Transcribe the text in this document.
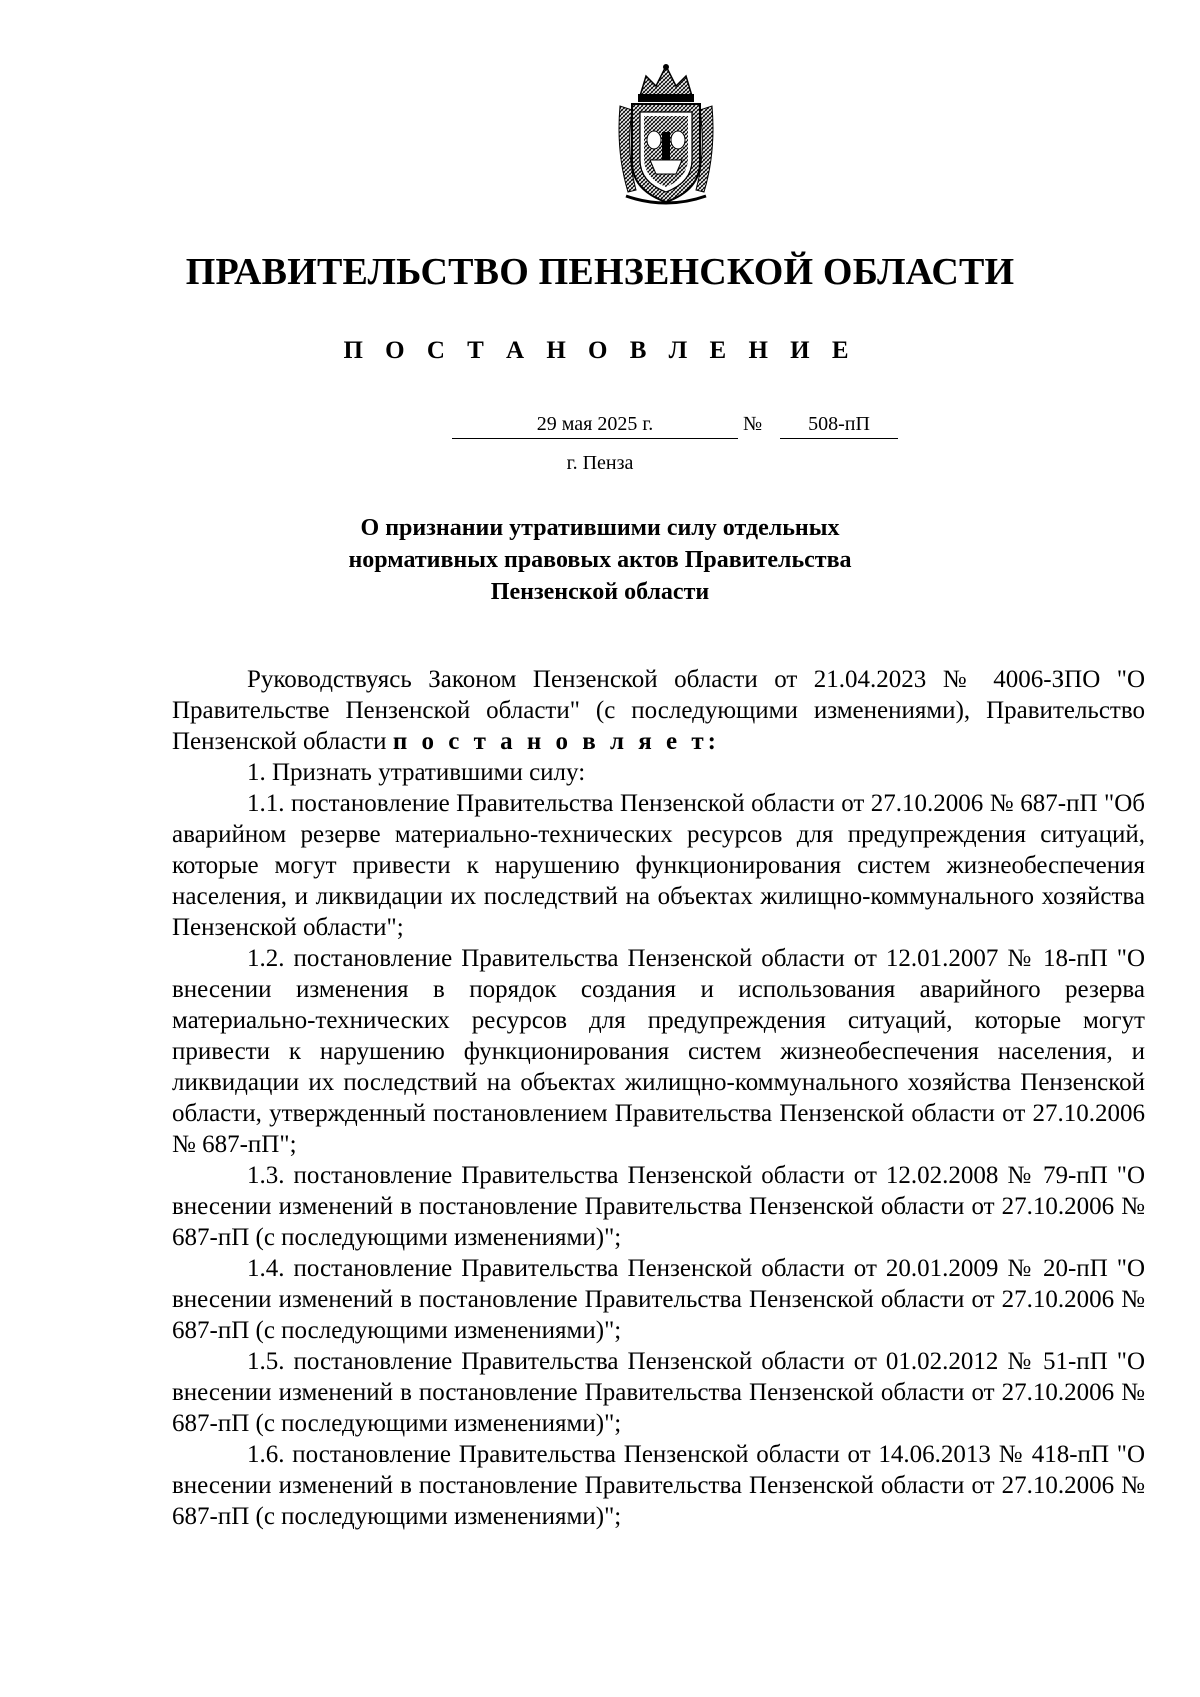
ПРАВИТЕЛЬСТВО ПЕНЗЕНСКОЙ ОБЛАСТИ
П О С Т А Н О В Л Е Н И Е
29 мая 2025 г.	№	508-пП
г. Пенза
О признании утратившими силу отдельных нормативных правовых актов Правительства Пензенской области

Руководствуясь Законом Пензенской области от 21.04.2023 № 4006-ЗПО "О Правительстве Пензенской области" (с последующими изменениями), Правительство Пензенской области п о с т а н о в л я е т:

1. Признать утратившими силу:

1.1. постановление Правительства Пензенской области от 27.10.2006 № 687-пП "Об аварийном резерве материально-технических ресурсов для предупреждения ситуаций, которые могут привести к нарушению функционирования систем жизнеобеспечения населения, и ликвидации их последствий на объектах жилищно-коммунального хозяйства Пензенской области";

1.2. постановление Правительства Пензенской области от 12.01.2007 № 18-пП "О внесении изменения в порядок создания и использования аварийного резерва материально-технических ресурсов для предупреждения ситуаций, которые могут привести к нарушению функционирования систем жизнеобеспечения населения, и ликвидации их последствий на объектах жилищно-коммунального хозяйства Пензенской области, утвержденный постановлением Правительства Пензенской области от 27.10.2006 № 687-пП";

1.3. постановление Правительства Пензенской области от 12.02.2008 № 79-пП "О внесении изменений в постановление Правительства Пензенской области от 27.10.2006 № 687-пП (с последующими изменениями)";

1.4. постановление Правительства Пензенской области от 20.01.2009 № 20-пП "О внесении изменений в постановление Правительства Пензенской области от 27.10.2006 № 687-пП (с последующими изменениями)";

1.5. постановление Правительства Пензенской области от 01.02.2012 № 51-пП "О внесении изменений в постановление Правительства Пензенской области от 27.10.2006 № 687-пП (с последующими изменениями)";

1.6. постановление Правительства Пензенской области от 14.06.2013 № 418-пП "О внесении изменений в постановление Правительства Пензенской области от 27.10.2006 № 687-пП (с последующими изменениями)";
